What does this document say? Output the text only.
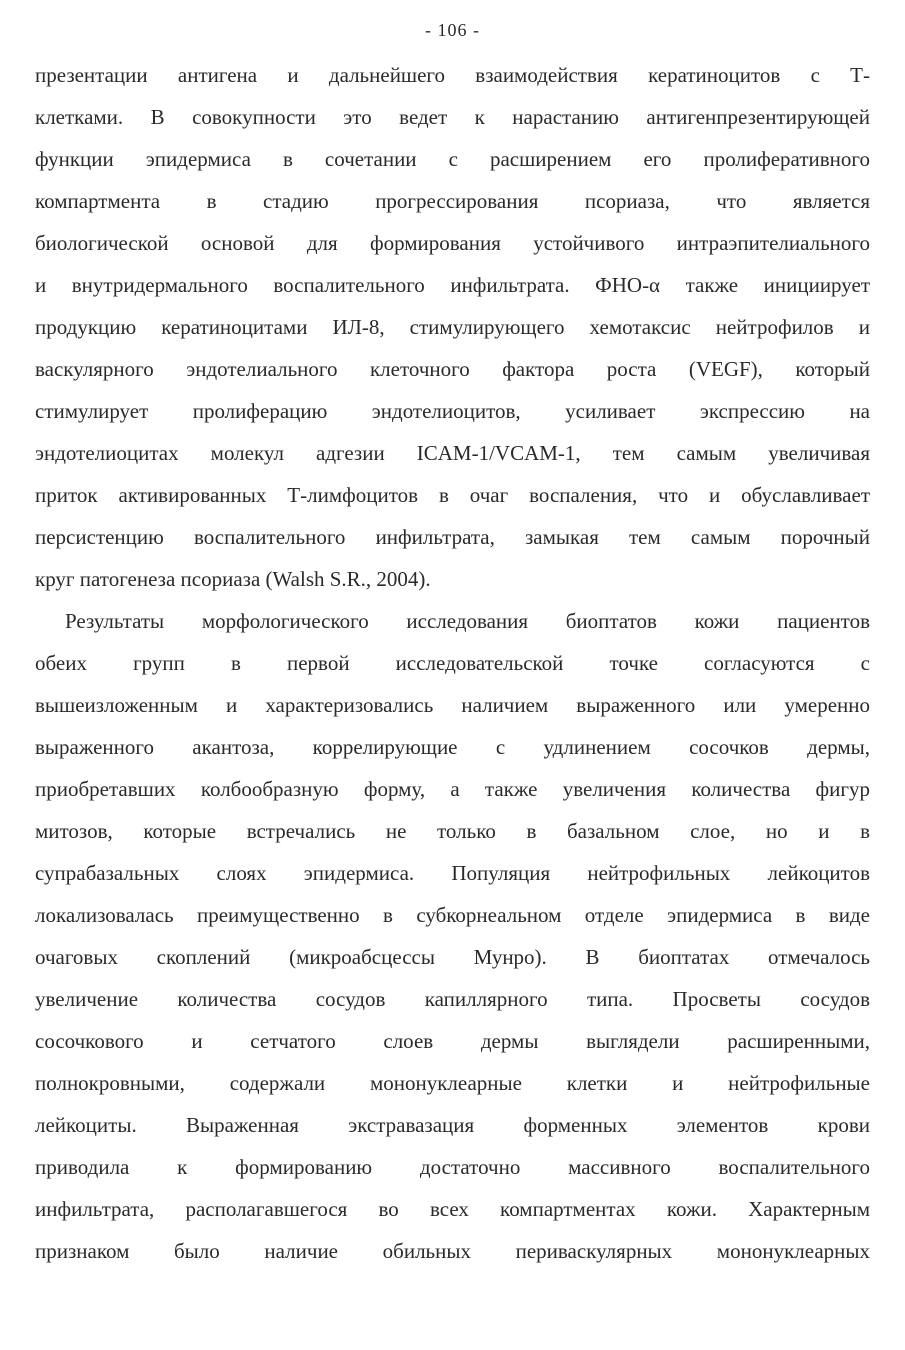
- 106 -
презентации антигена и дальнейшего взаимодействия кератиноцитов с Т-
клетками. В совокупности это ведет к нарастанию антигенпрезентирующей
функции эпидермиса в сочетании с расширением его пролиферативного
компартмента в стадию прогрессирования псориаза, что является
биологической основой для формирования устойчивого интраэпителиального
и внутридермального воспалительного инфильтрата. ФНО-α также инициирует
продукцию кератиноцитами ИЛ-8, стимулирующего хемотаксис нейтрофилов и
васкулярного эндотелиального клеточного фактора роста (VEGF), который
стимулирует пролиферацию эндотелиоцитов, усиливает экспрессию на
эндотелиоцитах молекул адгезии ICAM-1/VCAM-1, тем самым увеличивая
приток активированных Т-лимфоцитов в очаг воспаления, что и обуславливает
персистенцию воспалительного инфильтрата, замыкая тем самым порочный
круг патогенеза псориаза (Walsh S.R., 2004).
Результаты морфологического исследования биоптатов кожи пациентов
обеих групп в первой исследовательской точке согласуются с
вышеизложенным и характеризовались наличием выраженного или умеренно
выраженного акантоза, коррелирующие с удлинением сосочков дермы,
приобретавших колбообразную форму, а также увеличения количества фигур
митозов, которые встречались не только в базальном слое, но и в
супрабазальных слоях эпидермиса. Популяция нейтрофильных лейкоцитов
локализовалась преимущественно в субкорнеальном отделе эпидермиса в виде
очаговых скоплений (микроабсцессы Мунро). В биоптатах отмечалось
увеличение количества сосудов капиллярного типа. Просветы сосудов
сосочкового и сетчатого слоев дермы выглядели расширенными,
полнокровными, содержали мононуклеарные клетки и нейтрофильные
лейкоциты. Выраженная экстравазация форменных элементов крови
приводила к формированию достаточно массивного воспалительного
инфильтрата, располагавшегося во всех компартментах кожи. Характерным
признаком было наличие обильных периваскулярных мононуклеарных
